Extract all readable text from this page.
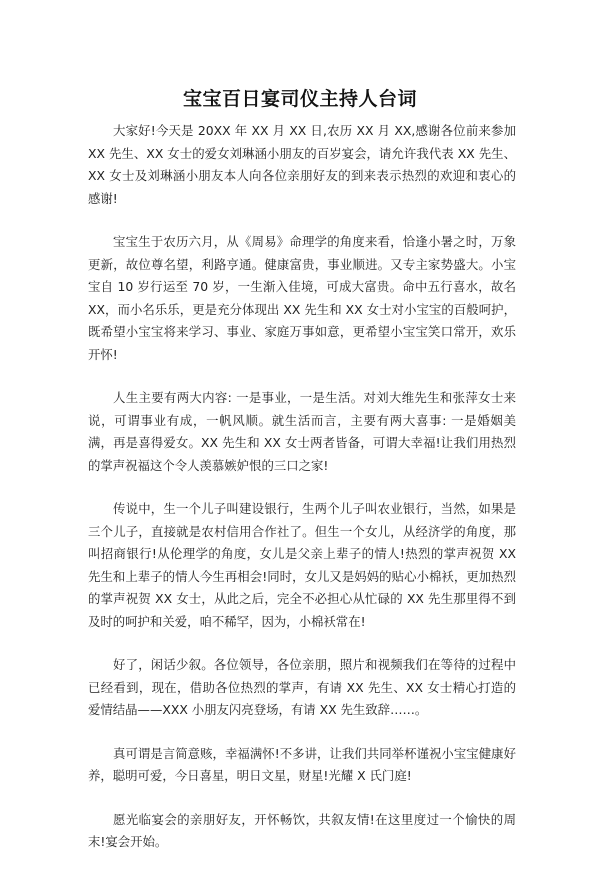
宝宝百日宴司仪主持人台词

大家好!今天是 20XX 年 XX 月 XX 日,农历 XX 月 XX,感谢各位前来参加 XX 先生、XX 女士的爱女刘琳涵小朋友的百岁宴会，请允许我代表 XX 先生、XX 女士及刘琳涵小朋友本人向各位亲朋好友的到来表示热烈的欢迎和衷心的感谢!

宝宝生于农历六月，从《周易》命理学的角度来看，恰逢小暑之时，万象更新，故位尊名望，利路亨通。健康富贵，事业顺进。又专主家势盛大。小宝宝自 10 岁行运至 70 岁，一生渐入佳境，可成大富贵。命中五行喜水，故名 XX，而小名乐乐，更是充分体现出 XX 先生和 XX 女士对小宝宝的百般呵护，既希望小宝宝将来学习、事业、家庭万事如意，更希望小宝宝笑口常开，欢乐开怀!

人生主要有两大内容: 一是事业，一是生活。对刘大维先生和张萍女士来说，可谓事业有成，一帆风顺。就生活而言，主要有两大喜事: 一是婚姻美满，再是喜得爱女。XX 先生和 XX 女士两者皆备，可谓大幸福!让我们用热烈的掌声祝福这个令人羡慕嫉妒恨的三口之家!

传说中，生一个儿子叫建设银行，生两个儿子叫农业银行，当然，如果是三个儿子，直接就是农村信用合作社了。但生一个女儿，从经济学的角度，那叫招商银行!从伦理学的角度，女儿是父亲上辈子的情人!热烈的掌声祝贺 XX 先生和上辈子的情人今生再相会!同时，女儿又是妈妈的贴心小棉袄，更加热烈的掌声祝贺 XX 女士，从此之后，完全不必担心从忙碌的 XX 先生那里得不到及时的呵护和关爱，咱不稀罕，因为，小棉袄常在!

好了，闲话少叙。各位领导，各位亲朋，照片和视频我们在等待的过程中已经看到，现在，借助各位热烈的掌声，有请 XX 先生、XX 女士精心打造的爱情结晶——XXX 小朋友闪亮登场，有请 XX 先生致辞……。

真可谓是言简意赅，幸福满怀!不多讲，让我们共同举杯谨祝小宝宝健康好养，聪明可爱，今日喜星，明日文星，财星!光耀 X 氏门庭!

愿光临宴会的亲朋好友，开怀畅饮，共叙友情!在这里度过一个愉快的周末!宴会开始。
